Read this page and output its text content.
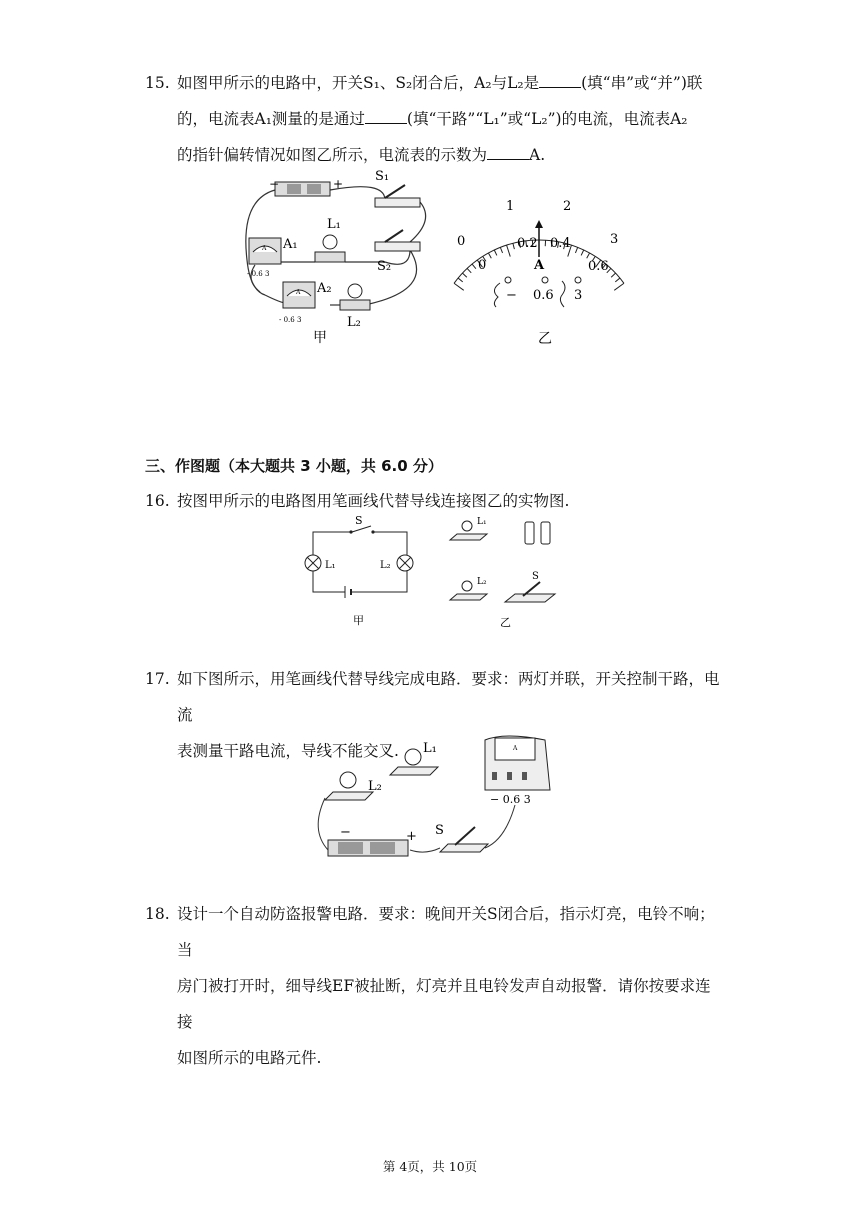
15. 如图甲所示的电路中，开关S₁、S₂闭合后，A₂与L₂是	(填“串”或“并”)联
的，电流表A₁测量的是通过	(填“干路”“L₁”或“L₂”)的电流，电流表A₂
的指针偏转情况如图乙所示，电流表的示数为	A.
−	+ S₁
S₂
L₁
A A₁
- 0.6 3
A A₂
- 0.6 3	L₂
甲
0
1	2
3
0
0.2 0.4
0.6
A
− 0.6 3
乙
三、作图题（本大题共 3 小题，共 6.0 分）
16. 按图甲所示的电路图用笔画线代替导线连接图乙的实物图.
S
L₁	L₂
甲
L₁
L₂	S
乙
17. 如下图所示，用笔画线代替导线完成电路．要求：两灯并联，开关控制干路，电流
表测量干路电流，导线不能交叉.	A
− 0.6 3
L₁
L₂
−	+ S
18. 设计一个自动防盗报警电路．要求：晚间开关S闭合后，指示灯亮，电铃不响；当
房门被打开时，细导线EF被扯断，灯亮并且电铃发声自动报警．请你按要求连接
如图所示的电路元件.
第 4页，共 10页
